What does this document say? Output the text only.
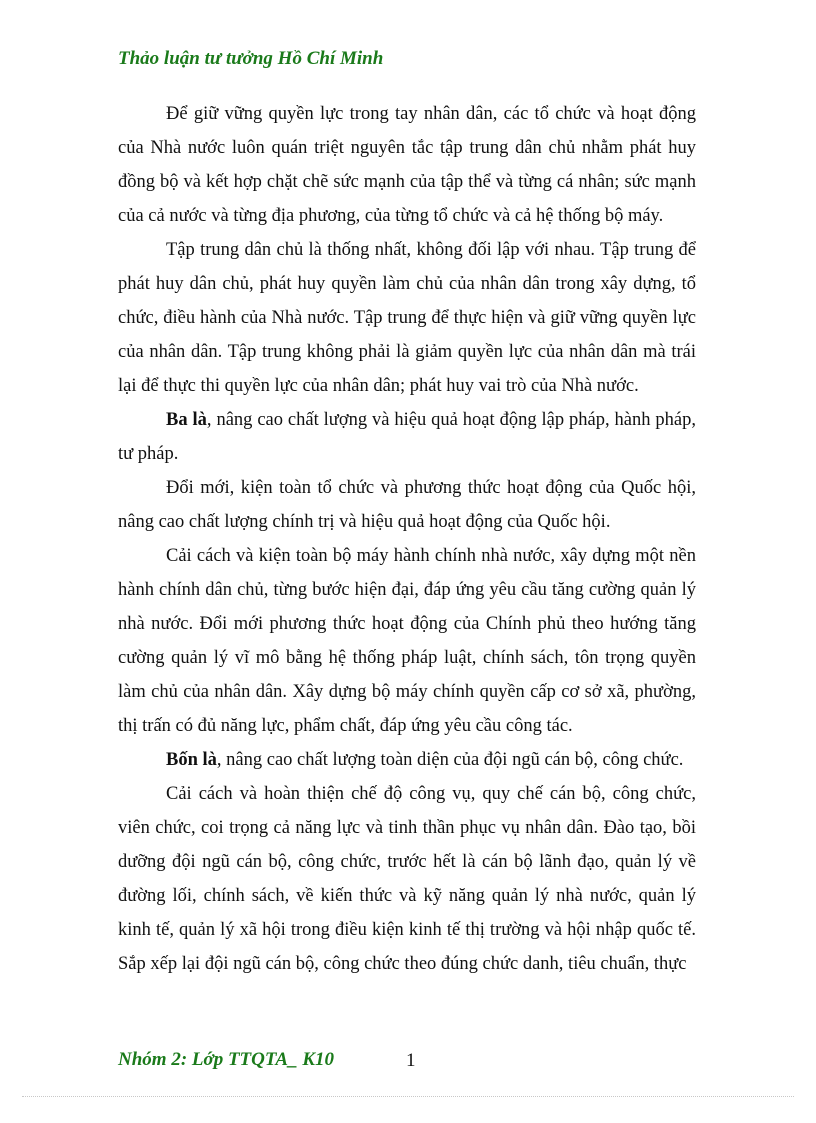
Thảo luận tư tưởng Hồ Chí Minh

Để giữ vững quyền lực trong tay nhân dân, các tổ chức và hoạt động của Nhà nước luôn quán triệt nguyên tắc tập trung dân chủ nhằm phát huy đồng bộ và kết hợp chặt chẽ sức mạnh của tập thể và từng cá nhân; sức mạnh của cả nước và từng địa phương, của từng tổ chức và cả hệ thống bộ máy.

Tập trung dân chủ là thống nhất, không đối lập với nhau. Tập trung để phát huy dân chủ, phát huy quyền làm chủ của nhân dân trong xây dựng, tổ chức, điều hành của Nhà nước. Tập trung để thực hiện và giữ vững quyền lực của nhân dân. Tập trung không phải là giảm quyền lực của nhân dân mà trái lại để thực thi quyền lực của nhân dân; phát huy vai trò của Nhà nước.

Ba là, nâng cao chất lượng và hiệu quả hoạt động lập pháp, hành pháp, tư pháp.

Đổi mới, kiện toàn tổ chức và phương thức hoạt động của Quốc hội, nâng cao chất lượng chính trị và hiệu quả hoạt động của Quốc hội.

Cải cách và kiện toàn bộ máy hành chính nhà nước, xây dựng một nền hành chính dân chủ, từng bước hiện đại, đáp ứng yêu cầu tăng cường quản lý nhà nước. Đổi mới phương thức hoạt động của Chính phủ theo hướng tăng cường quản lý vĩ mô bằng hệ thống pháp luật, chính sách, tôn trọng quyền làm chủ của nhân dân. Xây dựng bộ máy chính quyền cấp cơ sở xã, phường, thị trấn có đủ năng lực, phẩm chất, đáp ứng yêu cầu công tác.

Bốn là, nâng cao chất lượng toàn diện của đội ngũ cán bộ, công chức.

Cải cách và hoàn thiện chế độ công vụ, quy chế cán bộ, công chức, viên chức, coi trọng cả năng lực và tinh thần phục vụ nhân dân. Đào tạo, bồi dưỡng đội ngũ cán bộ, công chức, trước hết là cán bộ lãnh đạo, quản lý về đường lối, chính sách, về kiến thức và kỹ năng quản lý nhà nước, quản lý kinh tế, quản lý xã hội trong điều kiện kinh tế thị trường và hội nhập quốc tế. Sắp xếp lại đội ngũ cán bộ, công chức theo đúng chức danh, tiêu chuẩn, thực

Nhóm 2: Lớp TTQTA_ K10	1
